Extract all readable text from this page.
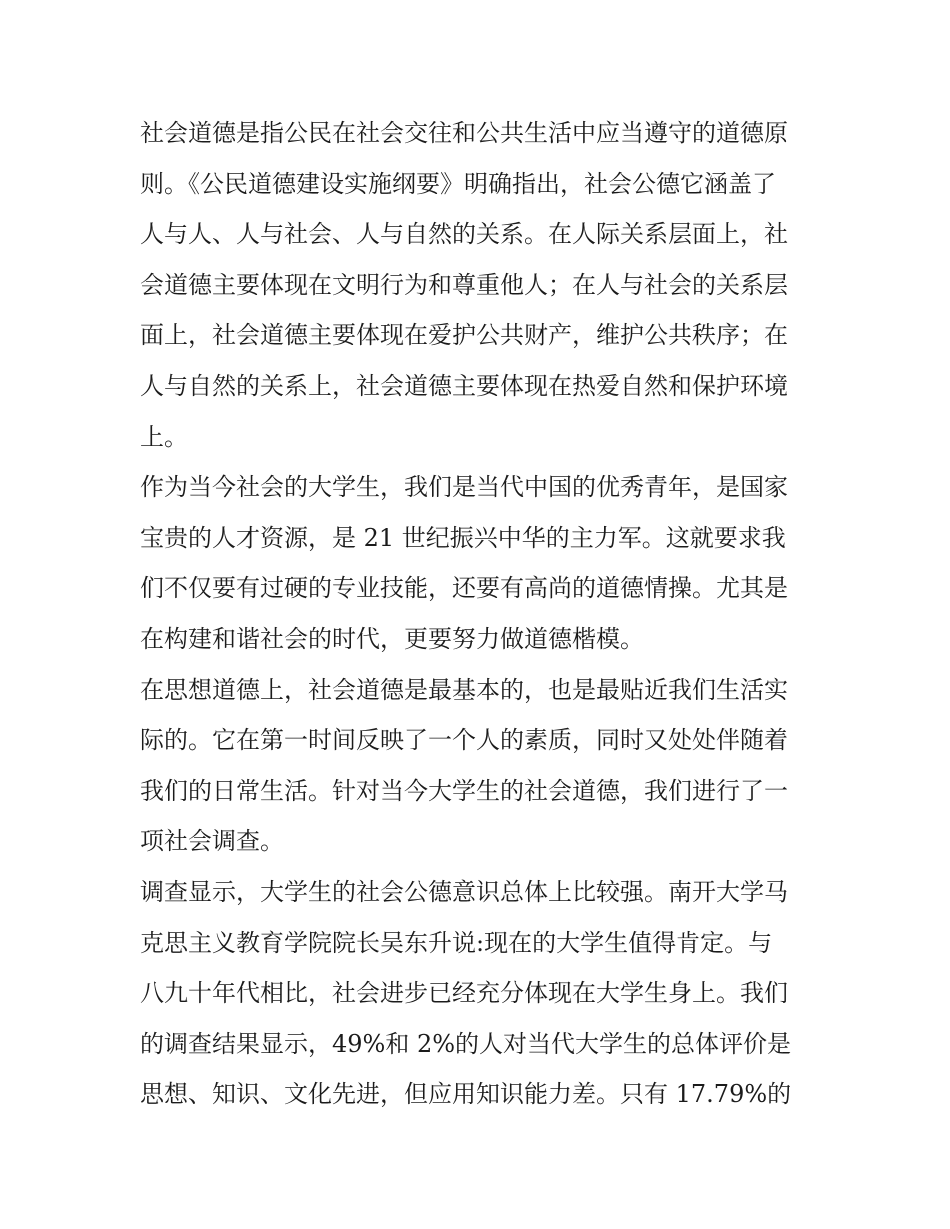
社会道德是指公民在社会交往和公共生活中应当遵守的道德原
则。《公民道德建设实施纲要》明确指出，社会公德它涵盖了
人与人、人与社会、人与自然的关系。在人际关系层面上，社
会道德主要体现在文明行为和尊重他人；在人与社会的关系层
面上，社会道德主要体现在爱护公共财产，维护公共秩序；在
人与自然的关系上，社会道德主要体现在热爱自然和保护环境
上。
作为当今社会的大学生，我们是当代中国的优秀青年，是国家
宝贵的人才资源，是 21 世纪振兴中华的主力军。这就要求我
们不仅要有过硬的专业技能，还要有高尚的道德情操。尤其是
在构建和谐社会的时代，更要努力做道德楷模。
在思想道德上，社会道德是最基本的，也是最贴近我们生活实
际的。它在第一时间反映了一个人的素质，同时又处处伴随着
我们的日常生活。针对当今大学生的社会道德，我们进行了一
项社会调查。
调查显示，大学生的社会公德意识总体上比较强。南开大学马
克思主义教育学院院长吴东升说:现在的大学生值得肯定。与
八九十年代相比，社会进步已经充分体现在大学生身上。我们
的调查结果显示，49%和 2%的人对当代大学生的总体评价是
思想、知识、文化先进，但应用知识能力差。只有 17.79%的
